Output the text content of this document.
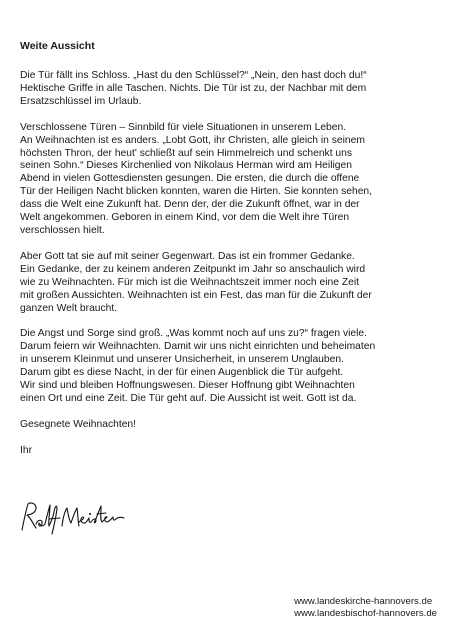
Weite Aussicht
Die Tür fällt ins Schloss. „Hast du den Schlüssel?“ „Nein, den hast doch du!“
Hektische Griffe in alle Taschen. Nichts. Die Tür ist zu, der Nachbar mit dem
Ersatzschlüssel im Urlaub.
Verschlossene Türen – Sinnbild für viele Situationen in unserem Leben.
An Weihnachten ist es anders. „Lobt Gott, ihr Christen, alle gleich in seinem
höchsten Thron, der heut' schließt auf sein Himmelreich und schenkt uns
seinen Sohn.“ Dieses Kirchenlied von Nikolaus Herman wird am Heiligen
Abend in vielen Gottesdiensten gesungen. Die ersten, die durch die offene
Tür der Heiligen Nacht blicken konnten, waren die Hirten. Sie konnten sehen,
dass die Welt eine Zukunft hat. Denn der, der die Zukunft öffnet, war in der
Welt angekommen. Geboren in einem Kind, vor dem die Welt ihre Türen
verschlossen hielt.
Aber Gott tat sie auf mit seiner Gegenwart. Das ist ein frommer Gedanke.
Ein Gedanke, der zu keinem anderen Zeitpunkt im Jahr so anschaulich wird
wie zu Weihnachten. Für mich ist die Weihnachtszeit immer noch eine Zeit
mit großen Aussichten. Weihnachten ist ein Fest, das man für die Zukunft der
ganzen Welt braucht.
Die Angst und Sorge sind groß. „Was kommt noch auf uns zu?“ fragen viele.
Darum feiern wir Weihnachten. Damit wir uns nicht einrichten und beheimaten
in unserem Kleinmut und unserer Unsicherheit, in unserem Unglauben.
Darum gibt es diese Nacht, in der für einen Augenblick die Tür aufgeht.
Wir sind und bleiben Hoffnungswesen. Dieser Hoffnung gibt Weihnachten
einen Ort und eine Zeit. Die Tür geht auf. Die Aussicht ist weit. Gott ist da.
Gesegnete Weihnachten!
Ihr
www.landeskirche-hannovers.de
www.landesbischof-hannovers.de
